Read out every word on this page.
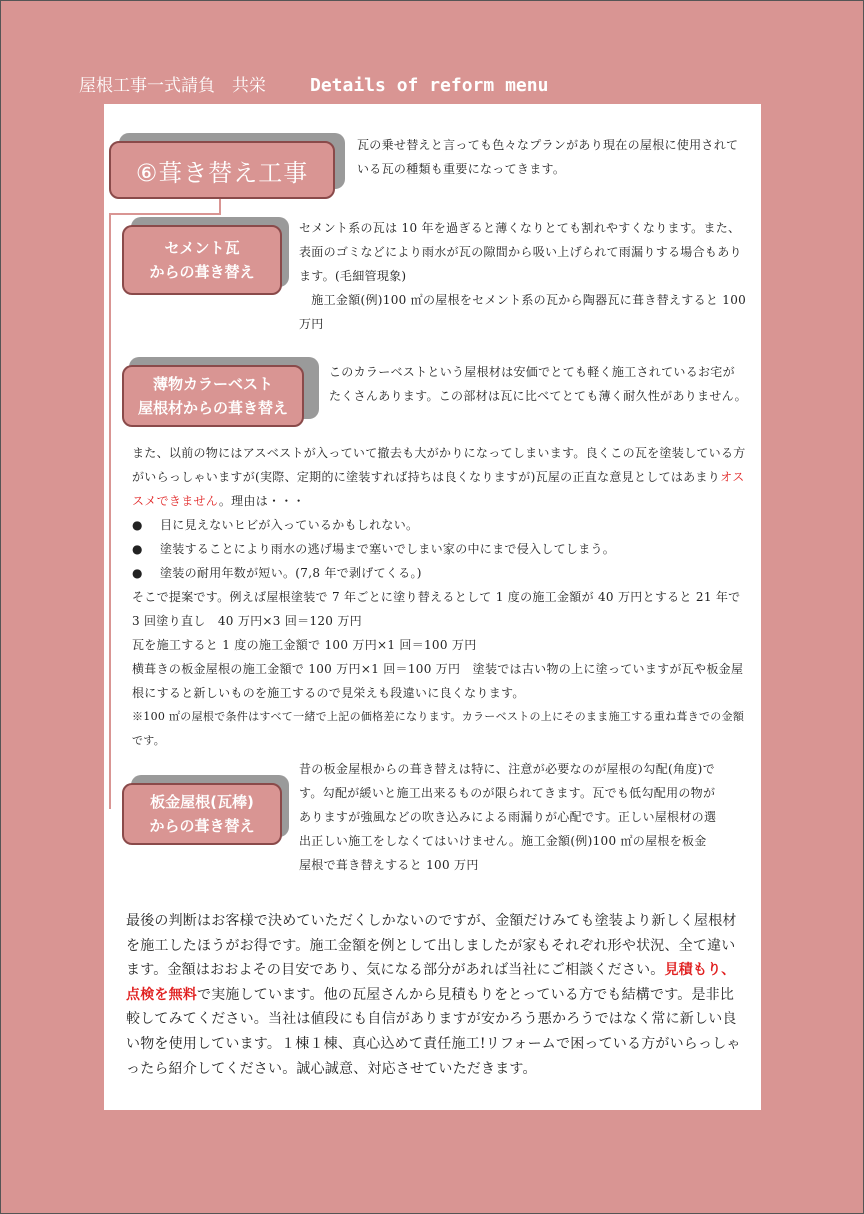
屋根工事一式請負　共栄 Details of reform menu
⑥葺き替え工事

瓦の乗せ替えと言っても色々なプランがあり現在の屋根に使用されている瓦の種類も重要になってきます。

セメント瓦
からの葺き替え

セメント系の瓦は 10 年を過ぎると薄くなりとても割れやすくなります。また、表面のゴミなどにより雨水が瓦の隙間から吸い上げられて雨漏りする場合もあります。(毛細管現象)

　施工金額(例)100 ㎡の屋根をセメント系の瓦から陶器瓦に葺き替えすると 100 万円

薄物カラーベスト
屋根材からの葺き替え

このカラーベストという屋根材は安価でとても軽く施工されているお宅がたくさんあります。この部材は瓦に比べてとても薄く耐久性がありません。

また、以前の物にはアスベストが入っていて撤去も大がかりになってしまいます。良くこの瓦を塗装している方がいらっしゃいますが(実際、定期的に塗装すれば持ちは良くなりますが)瓦屋の正直な意見としてはあまりオススメできません。理由は・・・

● 目に見えないヒビが入っているかもしれない。

● 塗装することにより雨水の逃げ場まで塞いでしまい家の中にまで侵入してしまう。

● 塗装の耐用年数が短い。(7,8 年で剥げてくる。)

そこで提案です。例えば屋根塗装で 7 年ごとに塗り替えるとして 1 度の施工金額が 40 万円とすると 21 年で 3 回塗り直し　40 万円×3 回＝120 万円

瓦を施工すると 1 度の施工金額で 100 万円×1 回＝100 万円

横葺きの板金屋根の施工金額で 100 万円×1 回＝100 万円　塗装では古い物の上に塗っていますが瓦や板金屋根にすると新しいものを施工するので見栄えも段違いに良くなります。

※100 ㎡の屋根で条件はすべて一緒で上記の価格差になります。カラーベストの上にそのまま施工する重ね葺きでの金額です。

板金屋根(瓦棒)
からの葺き替え

昔の板金屋根からの葺き替えは特に、注意が必要なのが屋根の勾配(角度)です。勾配が緩いと施工出来るものが限られてきます。瓦でも低勾配用の物がありますが強風などの吹き込みによる雨漏りが心配です。正しい屋根材の選出正しい施工をしなくてはいけません。施工金額(例)100 ㎡の屋根を板金屋根で葺き替えすると 100 万円

最後の判断はお客様で決めていただくしかないのですが、金額だけみても塗装より新しく屋根材を施工したほうがお得です。施工金額を例として出しましたが家もそれぞれ形や状況、全て違います。金額はおおよその目安であり、気になる部分があれば当社にご相談ください。見積もり、点検を無料で実施しています。他の瓦屋さんから見積もりをとっている方でも結構です。是非比較してみてください。当社は値段にも自信がありますが安かろう悪かろうではなく常に新しい良い物を使用しています。１棟１棟、真心込めて責任施工!リフォームで困っている方がいらっしゃったら紹介してください。誠心誠意、対応させていただきます。
